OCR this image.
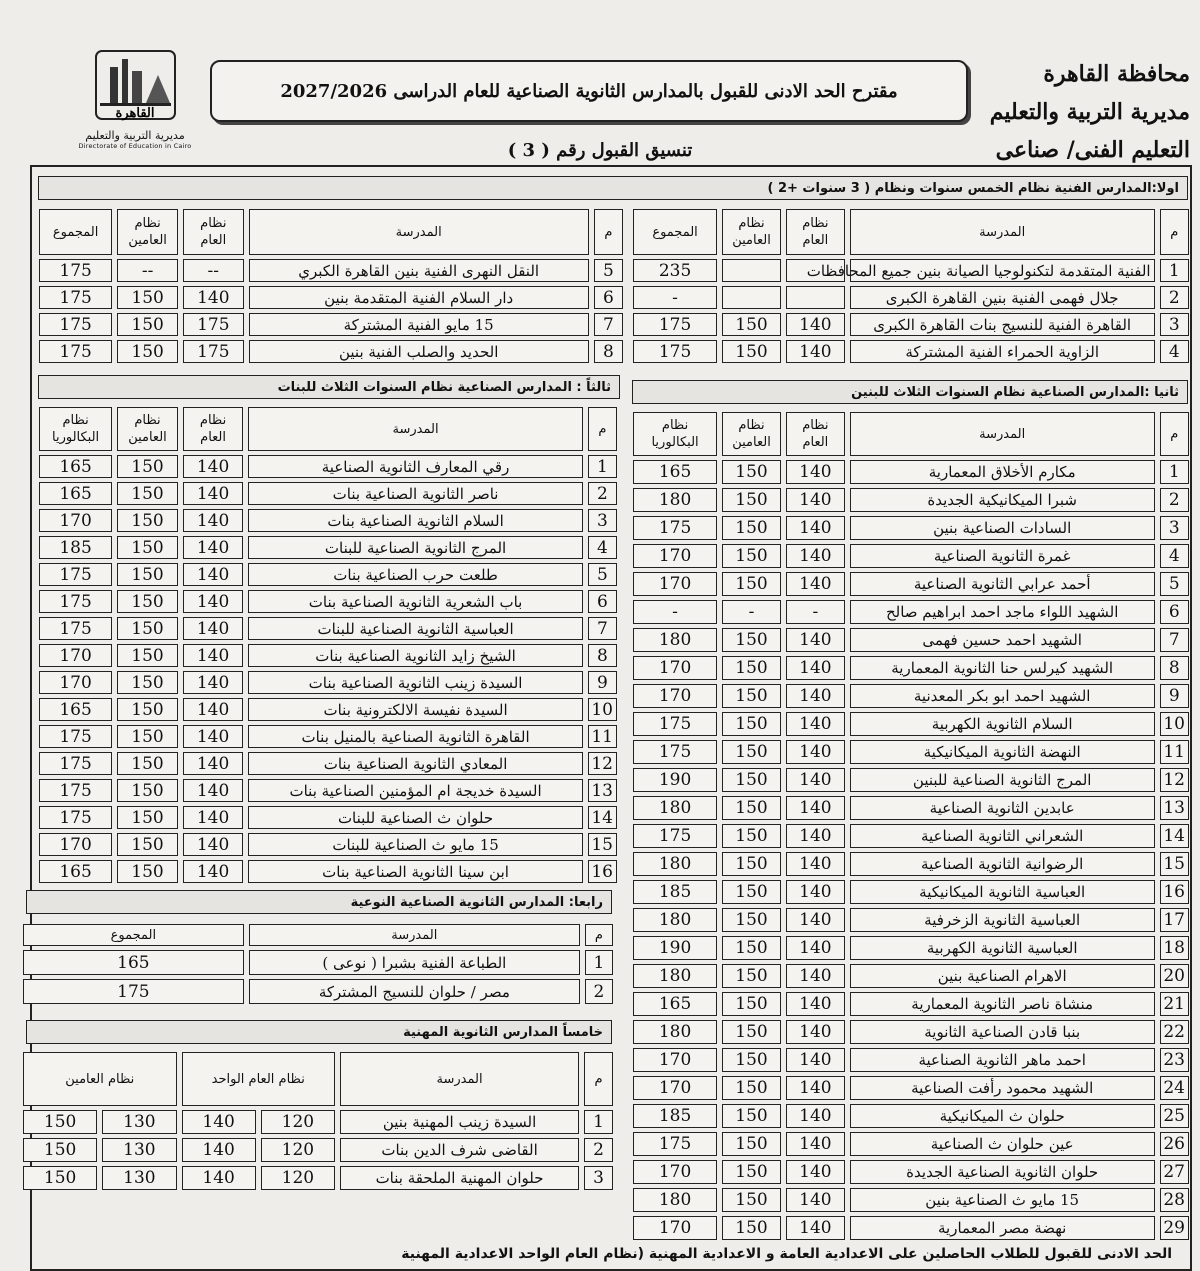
القاهرة
مديرية التربية والتعليم
Directorate of Education in Cairo
محافظة القاهرة
مديرية التربية والتعليم
التعليم الفنى/ صناعى
مقترح الحد الادنى للقبول بالمدارس الثانوية الصناعية للعام الدراسى 2027/2026
تنسيق القبول رقم ( 3 )
اولا:المدارس الفنية نظام الخمس سنوات ونظام ( 3 سنوات +2 )
م	المدرسة	نظام العام	نظام العامين	المجموع
1	الفنية المتقدمة لتكنولوجيا الصيانة بنين جميع المحافظات			235
2	جلال فهمى الفنية بنين القاهرة الكبرى			-
3	القاهرة الفنية للنسيج بنات القاهرة الكبرى	140	150	175
4	الزاوية الحمراء الفنية المشتركة	140	150	175
م	المدرسة	نظام العام	نظام العامين	المجموع
5	النقل النهرى الفنية بنين القاهرة الكبري	--	--	175
6	دار السلام الفنية المتقدمة بنين	140	150	175
7	15 مايو الفنية المشتركة	175	150	175
8	الحديد والصلب الفنية بنين	175	150	175
ثانيا :المدارس الصناعية نظام السنوات الثلاث للبنين
ثالثاً : المدارس الصناعية نظام السنوات الثلاث للبنات
م	المدرسة	نظام العام	نظام العامين	نظام البكالوريا
1	مكارم الأخلاق المعمارية	140	150	165
2	شبرا الميكانيكية الجديدة	140	150	180
3	السادات الصناعية بنين	140	150	175
4	غمرة الثانوية الصناعية	140	150	170
5	أحمد عرابي الثانوية الصناعية	140	150	170
6	الشهيد اللواء ماجد احمد ابراهيم صالح	-	-	-
7	الشهيد احمد حسين فهمى	140	150	180
8	الشهيد كيرلس حنا الثانوية المعمارية	140	150	170
9	الشهيد احمد ابو بكر المعدنية	140	150	170
10	السلام الثانوية الكهربية	140	150	175
11	النهضة الثانوية الميكانيكية	140	150	175
12	المرج الثانوية الصناعية للبنين	140	150	190
13	عابدين الثانوية الصناعية	140	150	180
14	الشعراني الثانوية الصناعية	140	150	175
15	الرضوانية الثانوية الصناعية	140	150	180
16	العباسية الثانوية الميكانيكية	140	150	185
17	العباسية الثانوية الزخرفية	140	150	180
18	العباسية الثانوية الكهربية	140	150	190
20	الاهرام الصناعية بنين	140	150	180
21	منشاة ناصر الثانوية المعمارية	140	150	165
22	بنبا قادن الصناعية الثانوية	140	150	180
23	احمد ماهر الثانوية الصناعية	140	150	170
24	الشهيد محمود رأفت الصناعية	140	150	170
25	حلوان ث الميكانيكية	140	150	185
26	عين حلوان ث الصناعية	140	150	175
27	حلوان الثانوية الصناعية الجديدة	140	150	170
28	15 مايو ث الصناعية بنين	140	150	180
29	نهضة مصر المعمارية	140	150	170
م	المدرسة	نظام العام	نظام العامين	نظام البكالوريا
1	رقي المعارف الثانوية الصناعية	140	150	165
2	ناصر الثانوية الصناعية بنات	140	150	165
3	السلام الثانوية الصناعية بنات	140	150	170
4	المرج الثانوية الصناعية للبنات	140	150	185
5	طلعت حرب الصناعية بنات	140	150	175
6	باب الشعرية الثانوية الصناعية بنات	140	150	175
7	العباسية الثانوية الصناعية للبنات	140	150	175
8	الشيخ زايد الثانوية الصناعية بنات	140	150	170
9	السيدة زينب الثانوية الصناعية بنات	140	150	170
10	السيدة نفيسة الالكترونية بنات	140	150	165
11	القاهرة الثانوية الصناعية بالمنيل بنات	140	150	175
12	المعادي الثانوية الصناعية بنات	140	150	175
13	السيدة خديجة ام المؤمنين الصناعية بنات	140	150	175
14	حلوان ث الصناعية للبنات	140	150	175
15	15 مايو ث الصناعية للبنات	140	150	170
16	ابن سينا الثانوية الصناعية بنات	140	150	165
رابعا: المدارس الثانوية الصناعية النوعية
م	المدرسة	المجموع
1	الطباعة الفنية بشبرا ( نوعى )	165
2	مصر / حلوان للنسيج المشتركة	175
خامساً المدارس الثانوية المهنية
م	المدرسة	نظام العام الواحد		نظام العامين	
1	السيدة زينب المهنية بنين	120	140	130	150
2	القاضى شرف الدين بنات	120	140	130	150
3	حلوان المهنية الملحقة بنات	120	140	130	150
الحد الادنى للقبول للطلاب الحاصلين على الاعدادية العامة و الاعدادية المهنية (نظام العام الواحد الاعدادية المهنية
